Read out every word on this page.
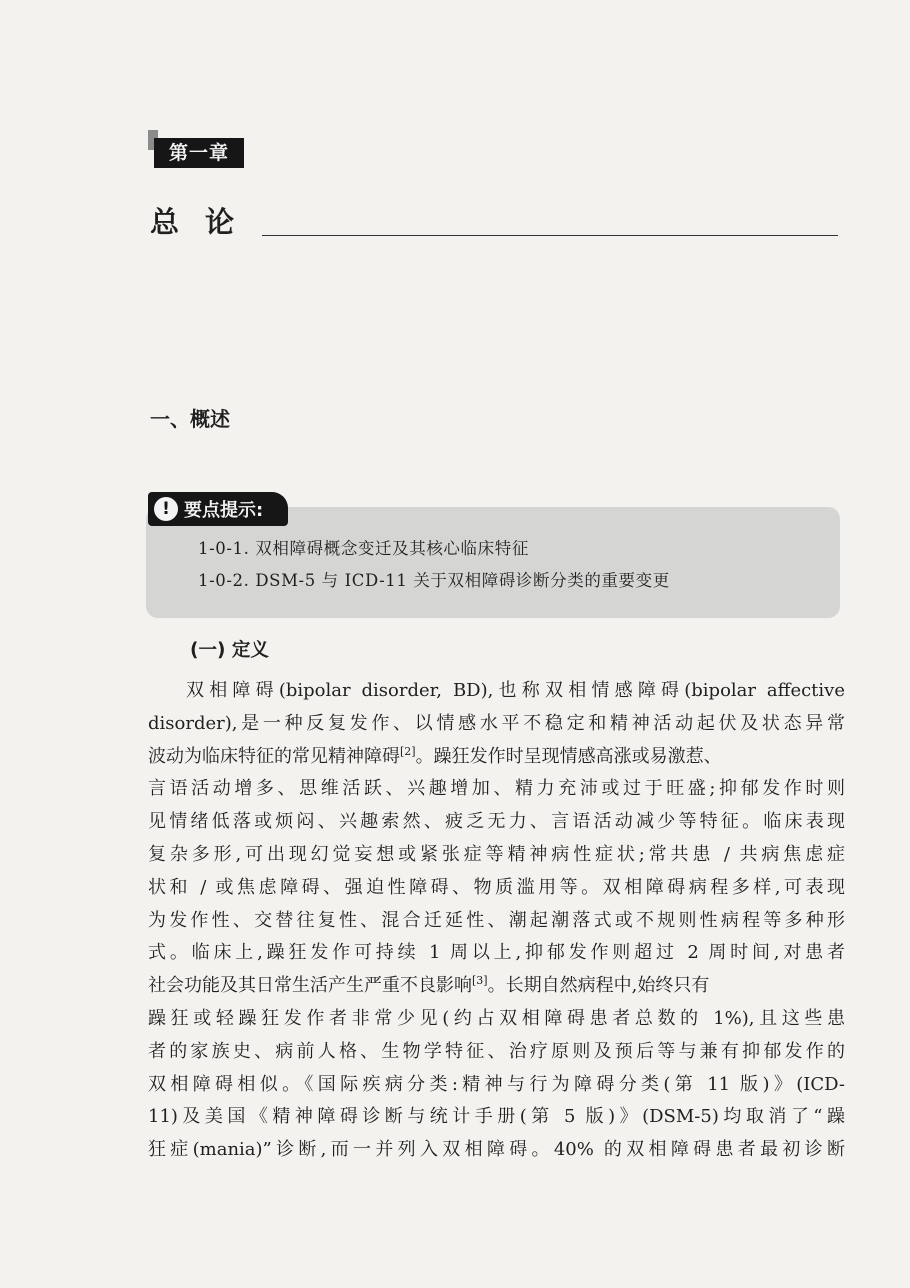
第一章
总论
一、概述
1-0-1. 双相障碍概念变迁及其核心临床特征
1-0-2. DSM-5 与 ICD-11 关于双相障碍诊断分类的重要变更
! 要点提示:
(一) 定义
双相障碍(bipolar disorder, BD),也称双相情感障碍(bipolar affective
disorder),是一种反复发作、以情感水平不稳定和精神活动起伏及状态异常
波动为临床特征的常见精神障碍[2]。躁狂发作时呈现情感高涨或易激惹、
言语活动增多、思维活跃、兴趣增加、精力充沛或过于旺盛;抑郁发作时则
见情绪低落或烦闷、兴趣索然、疲乏无力、言语活动减少等特征。临床表现
复杂多形,可出现幻觉妄想或紧张症等精神病性症状;常共患 / 共病焦虑症
状和 / 或焦虑障碍、强迫性障碍、物质滥用等。双相障碍病程多样,可表现
为发作性、交替往复性、混合迁延性、潮起潮落式或不规则性病程等多种形
式。临床上,躁狂发作可持续 1 周以上,抑郁发作则超过 2 周时间,对患者
社会功能及其日常生活产生严重不良影响[3]。长期自然病程中,始终只有
躁狂或轻躁狂发作者非常少见(约占双相障碍患者总数的 1%),且这些患
者的家族史、病前人格、生物学特征、治疗原则及预后等与兼有抑郁发作的
双相障碍相似。《国际疾病分类:精神与行为障碍分类(第 11 版)》(ICD-
11)及美国《精神障碍诊断与统计手册(第 5 版)》(DSM-5)均取消了“躁
狂症(mania)”诊断,而一并列入双相障碍。40% 的双相障碍患者最初诊断
